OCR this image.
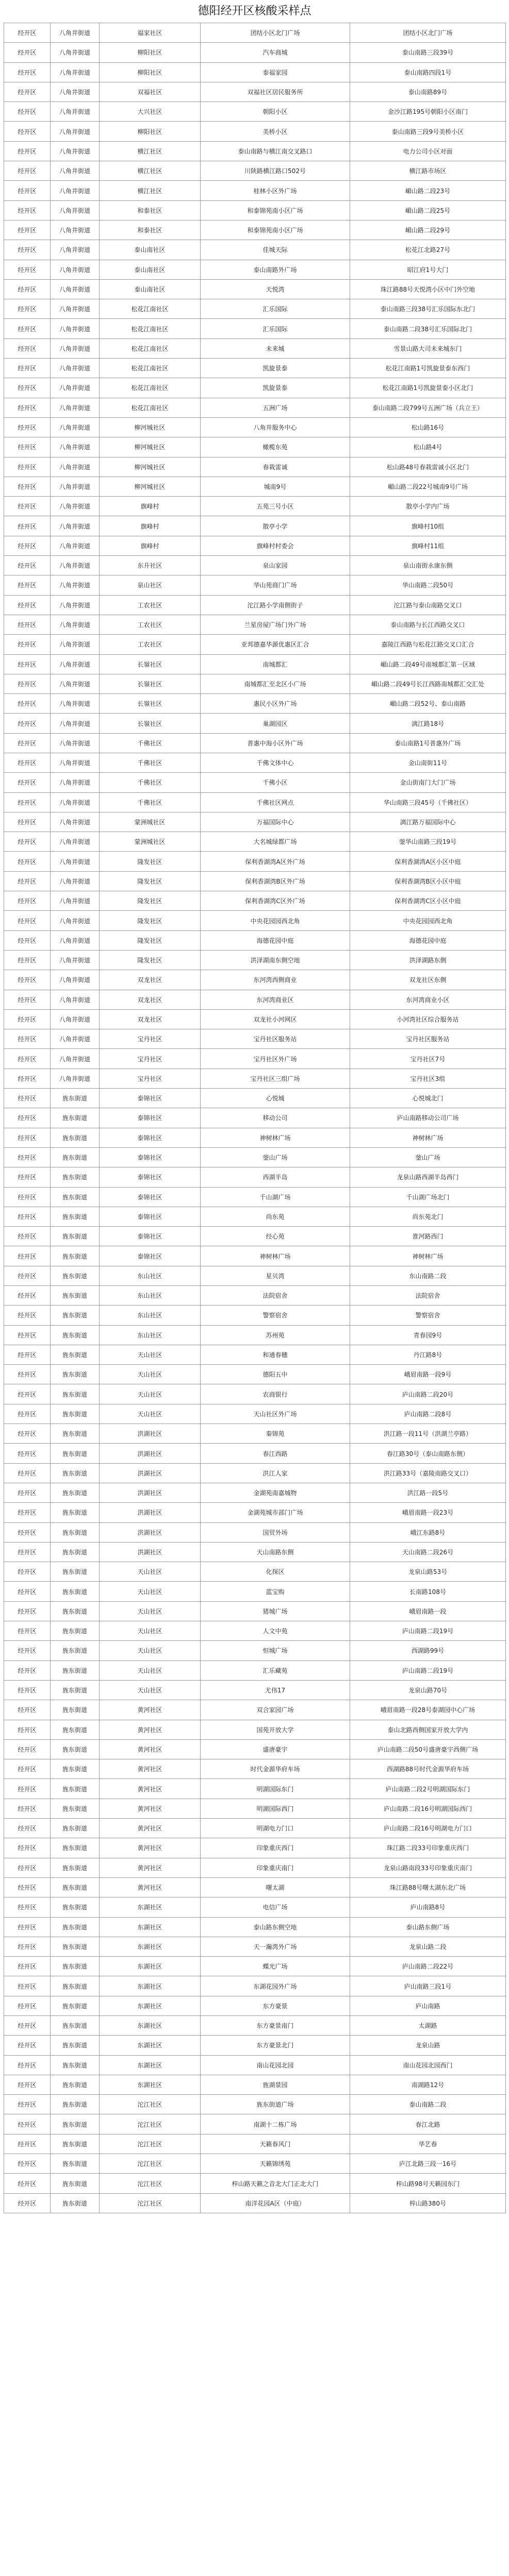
德阳经开区核酸采样点
经开区	八角井街道	福家社区	团结小区北门广场	团结小区北门广场
经开区	八角井街道	柳阳社区	汽车商城	泰山南路三段39号
经开区	八角井街道	柳阳社区	泰福家园	泰山南路四段1号
经开区	八角井街道	双福社区	双福社区居民服务所	泰山南路89号
经开区	八角井街道	大兴社区	朝阳小区	金沙江路195号朝阳小区南门
经开区	八角井街道	柳阳社区	美桥小区	泰山南路三段9号美桥小区
经开区	八角井街道	横江社区	泰山南路与横江南交叉路口	电力公司小区对面
经开区	八角井街道	横江社区	川陕路横江路口502号	横江路市场区
经开区	八角井街道	横江社区	桂林小区外广场	嵋山路二段23号
经开区	八角井街道	和泰社区	和泰锦苑南小区广场	嵋山路二段25号
经开区	八角井街道	和泰社区	和泰锦苑南小区广场	嵋山路二段29号
经开区	八角井街道	泰山南社区	佳城天际	松花江北路27号
经开区	八角井街道	泰山南社区	泰山南路外广场	昭江府1号大门
经开区	八角井街道	泰山南社区	天悦湾	珠江路88号天悦湾小区中门外空地
经开区	八角井街道	松花江南社区	汇乐国际	泰山南路三段38号汇乐国际东北门
经开区	八角井街道	松花江南社区	汇乐国际	泰山南路二段38号汇乐国际北门
经开区	八角井街道	松花江南社区	未来城	雪景山路大司未来城东门
经开区	八角井街道	松花江南社区	凯旋景泰	松花江南路1号凯旋景泰东西门
经开区	八角井街道	松花江南社区	凯旋景泰	松花江南路1号凯旋景泰小区北门
经开区	八角井街道	松花江南社区	五洲广场	泰山南路二段799号五洲广场（兵立王）
经开区	八角井街道	柳河城社区	八角井服务中心	松山路16号
经开区	八角井街道	柳河城社区	橄榄东苑	松山路4号
经开区	八角井街道	柳河城社区	春栽雷诚	松山路48号春栽雷诚小区北门
经开区	八角井街道	柳河城社区	城南9号	嵋山路二段22号城南9号广场
经开区	八角井街道	旗峰村	五苑三号小区	散亭小学内广场
经开区	八角井街道	旗峰村	散亭小学	旗峰村10组
经开区	八角井街道	旗峰村	旗峰村村委会	旗峰村11组
经开区	八角井街道	东升社区	泉山家园	泉山南街永康东侧
经开区	八角井街道	泉山社区	华山苑商门广场	华山南路二段50号
经开区	八角井街道	工农社区	沱江路小学南侧街子	沱江路与泰山南路交叉口
经开区	八角井街道	工农社区	兰星房屋广场门外广场	泰山南路与长江西路交叉口
经开区	八角井街道	工农社区	亚邦德嘉华源优惠区汇合	嘉陵江西路与松花江路交叉口汇合
经开区	八角井街道	长嶺社区	南城都汇	嵋山路二段49号南城都汇第一区域
经开区	八角井街道	长嶺社区	南城都汇至北区小广场	嵋山路二段49号长江西路南城都汇交汇处
经开区	八角井街道	长嶺社区	惠民小区外广场	嵋山路二段52号、泰山南路
经开区	八角井街道	长嶺社区	巢湖园区	漓江路18号
经开区	八角井街道	千佛社区	普惠中海小区外广场	泰山南路1号普惠外广场
经开区	八角井街道	千佛社区	千佛文体中心	金山南街11号
经开区	八角井街道	千佛社区	千佛小区	金山街南门大门广场
经开区	八角井街道	千佛社区	千佛社区网点	华山南路三段45号（千佛社区）
经开区	八角井街道	蒙洲城社区	万福国际中心	漓江路万福国际中心
经开区	八角井街道	蒙洲城社区	大名城绿都广场	蓥华山南路三段19号
经开区	八角井街道	隆发社区	保利香湖湾A区外广场	保利香湖湾A区小区中庭
经开区	八角井街道	隆发社区	保利香湖湾B区外广场	保利香湖湾B区小区中庭
经开区	八角井街道	隆发社区	保利香湖湾C区外广场	保利香湖湾C区小区中庭
经开区	八角井街道	隆发社区	中央花园园西北角	中央花园园西北角
经开区	八角井街道	隆发社区	海德花园中庭	海德花园中庭
经开区	八角井街道	隆发社区	洪泽湖南东侧空地	洪泽湖路东侧
经开区	八角井街道	双龙社区	东河湾西侧商业	双龙社区东侧
经开区	八角井街道	双龙社区	东河湾商业区	东河湾商业小区
经开区	八角井街道	双龙社区	双龙社小河网区	小河湾社区综合服务站
经开区	八角井街道	宝丹社区	宝丹社区服务站	宝丹社区服务站
经开区	八角井街道	宝丹社区	宝丹社区外广场	宝丹社区7号
经开区	八角井街道	宝丹社区	宝丹社区三组广场	宝丹社区3组
经开区	旌东街道	泰锦社区	心悦城	心悦城北门
经开区	旌东街道	泰锦社区	移动公司	庐山南路移动公司广场
经开区	旌东街道	泰锦社区	神树林广场	神树林广场
经开区	旌东街道	泰锦社区	蓥山广场	蓥山广场
经开区	旌东街道	泰锦社区	西湖半岛	龙泉山路西湖半岛西门
经开区	旌东街道	泰锦社区	千山湖广场	千山湖广场北门
经开区	旌东街道	泰锦社区	尚东苑	尚东苑北门
经开区	旌东街道	泰锦社区	经心苑	淮河路西门
经开区	旌东街道	泰锦社区	神树林广场	神树林广场
经开区	旌东街道	东山社区	星贝湾	东山南路二段
经开区	旌东街道	东山社区	法院宿舍	法院宿舍
经开区	旌东街道	东山社区	警察宿舍	警察宿舍
经开区	旌东街道	东山社区	苏州苑	青春园9号
经开区	旌东街道	天山社区	和通春穗	丹江路8号
经开区	旌东街道	天山社区	德阳五中	峨眉南路一段9号
经开区	旌东街道	天山社区	农商银行	庐山南路二段20号
经开区	旌东街道	天山社区	天山社区外广场	庐山南路二段8号
经开区	旌东街道	洪湖社区	秦锦苑	洪江路一段11号（洪湖兰亭路）
经开区	旌东街道	洪湖社区	春江西路	春江路30号（泰山南路东侧）
经开区	旌东街道	洪湖社区	洪江人家	洪江路33号（嘉陵南路交叉口）
经开区	旌东街道	洪湖社区	金湖苑南嘉城物	洪江路一段5号
经开区	旌东街道	洪湖社区	金湖苑城市部门广场	峨眉南路一段23号
经开区	旌东街道	洪湖社区	国贸外场	峨江东路8号
经开区	旌东街道	洪湖社区	天山南路东侧	天山南路二段26号
经开区	旌东街道	天山社区	化探区	龙泉山路53号
经开区	旌东街道	天山社区	蓝宝购	长南路108号
经开区	旌东街道	天山社区	猪城广场	峨眉南路一段
经开区	旌东街道	天山社区	人文中苑	庐山南路二段19号
经开区	旌东街道	天山社区	恒城广场	西湖路99号
经开区	旌东街道	天山社区	汇乐藏苑	庐山南路二段19号
经开区	旌东街道	天山社区	尤伟17	龙泉山路70号
经开区	旌东街道	黄河社区	双合家园广场	峨眉南路一段28号泰湖园中心广场
经开区	旌东街道	黄河社区	国苑开放大学	泰山北路西侧国家开放大学内
经开区	旌东街道	黄河社区	盛唐豪宇	庐山南路二段50号盛唐豪宇西侧广场
经开区	旌东街道	黄河社区	时代金源华府车场	西湖路88号时代金源华府车场
经开区	旌东街道	黄河社区	明湖国际东门	庐山南路二段2号明湖国际东门
经开区	旌东街道	黄河社区	明湖国际西门	庐山南路二段16号明湖国际西门
经开区	旌东街道	黄河社区	明湖电力门口	庐山南路二段16号明湖电力门口
经开区	旌东街道	黄河社区	印象重庆西门	珠江路二段33号印象重庆西门
经开区	旌东街道	黄河社区	印象重庆南门	龙泉山路南段33号印象重庆南门
经开区	旌东街道	黄河社区	曙太湖	珠江路88号曙太湖东北广场
经开区	旌东街道	东湖社区	电信广场	庐山南路8号
经开区	旌东街道	东湖社区	泰山路东侧空地	泰山路东侧广场
经开区	旌东街道	东湖社区	天一瀚湾外广场	龙泉山路二段
经开区	旌东街道	东湖社区	蝶光广场	庐山南路二段22号
经开区	旌东街道	东湖社区	东湖花园外广场	庐山南路三段1号
经开区	旌东街道	东湖社区	东方豪景	庐山南路
经开区	旌东街道	东湖社区	东方豪景南门	太湖路
经开区	旌东街道	东湖社区	东方豪景北门	龙泉山路
经开区	旌东街道	东湖社区	南山花园北园	南山花园北园西门
经开区	旌东街道	东湖社区	旌湖景园	南湖路12号
经开区	旌东街道	沱江社区	旌东街道广场	泰山南路二段
经开区	旌东街道	沱江社区	南湖十二栋广场	春江北路
经开区	旌东街道	沱江社区	天籁春风门	华艺春
经开区	旌东街道	沱江社区	天籁锦绣苑	庐江北路三段一16号
经开区	旌东街道	沱江社区	梓山路天籁之音北大门正北大门	梓山路98号天籁园东门
经开区	旌东街道	沱江社区	南洋花园A区（中庭）	梓山路380号
